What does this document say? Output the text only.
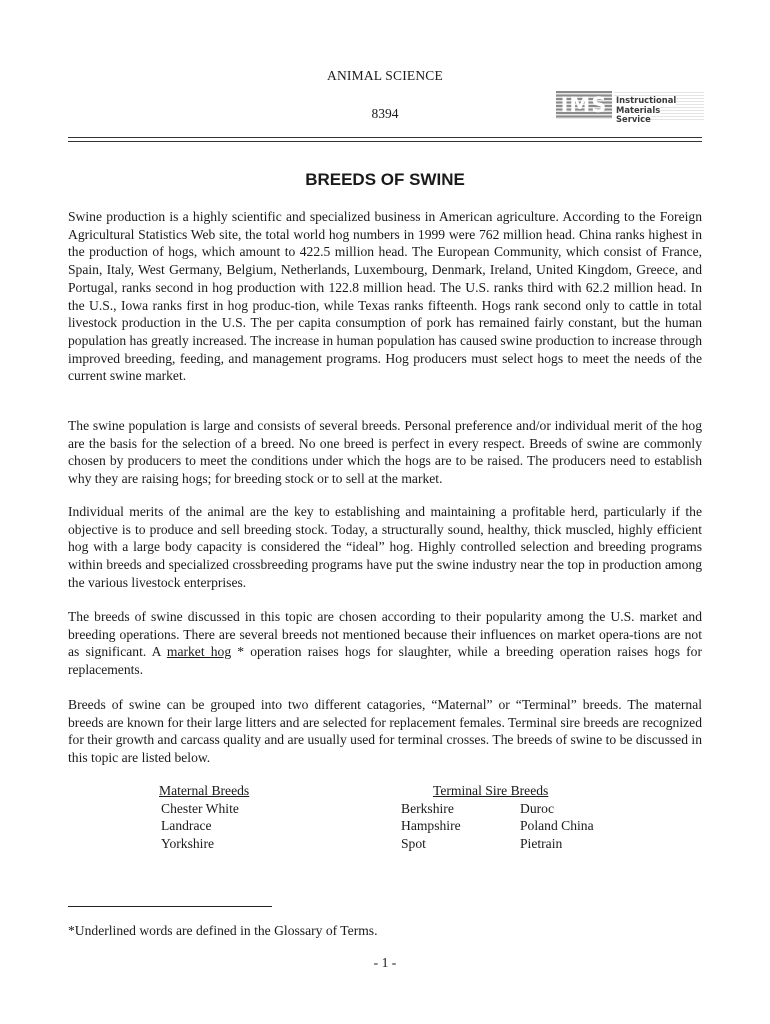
ANIMAL SCIENCE
8394	IMS	Instructional
Materials
Service
BREEDS OF SWINE

Swine production is a highly scientific and specialized business in American agriculture. According to the Foreign Agricultural Statistics Web site, the total world hog numbers in 1999 were 762 million head. China ranks highest in the production of hogs, which amount to 422.5 million head. The European Community, which consist of France, Spain, Italy, West Germany, Belgium, Netherlands, Luxembourg, Denmark, Ireland, United Kingdom, Greece, and Portugal, ranks second in hog production with 122.8 million head. The U.S. ranks third with 62.2 million head. In the U.S., Iowa ranks first in hog produc-tion, while Texas ranks fifteenth. Hogs rank second only to cattle in total livestock production in the U.S. The per capita consumption of pork has remained fairly constant, but the human population has greatly increased. The increase in human population has caused swine production to increase through improved breeding, feeding, and management programs. Hog producers must select hogs to meet the needs of the current swine market.

The swine population is large and consists of several breeds. Personal preference and/or individual merit of the hog are the basis for the selection of a breed. No one breed is perfect in every respect. Breeds of swine are commonly chosen by producers to meet the conditions under which the hogs are to be raised. The producers need to establish why they are raising hogs; for breeding stock or to sell at the market.

Individual merits of the animal are the key to establishing and maintaining a profitable herd, particularly if the objective is to produce and sell breeding stock. Today, a structurally sound, healthy, thick muscled, highly efficient hog with a large body capacity is considered the “ideal” hog. Highly controlled selection and breeding programs within breeds and specialized crossbreeding programs have put the swine industry near the top in production among the various livestock enterprises.

The breeds of swine discussed in this topic are chosen according to their popularity among the U.S. market and breeding operations. There are several breeds not mentioned because their influences on market opera-tions are not as significant. A market hog * operation raises hogs for slaughter, while a breeding operation raises hogs for replacements.

Breeds of swine can be grouped into two different catagories, “Maternal” or “Terminal” breeds. The maternal breeds are known for their large litters and are selected for replacement females. Terminal sire breeds are recognized for their growth and carcass quality and are usually used for terminal crosses. The breeds of swine to be discussed in this topic are listed below.

Maternal Breeds
Chester White
Landrace
Yorkshire
Terminal Sire Breeds
Berkshire
Hampshire
Spot
Duroc
Poland China
Pietrain
*Underlined words are defined in the Glossary of Terms.
- 1 -
